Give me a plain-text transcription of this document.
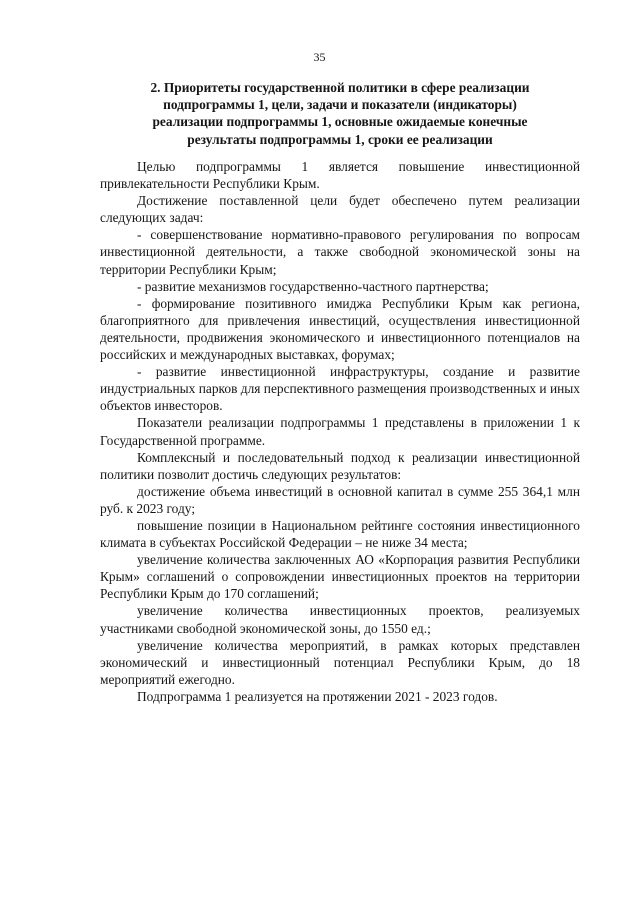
35
2. Приоритеты государственной политики в сфере реализации
подпрограммы 1, цели, задачи и показатели (индикаторы)
реализации подпрограммы 1, основные ожидаемые конечные
результаты подпрограммы 1, сроки ее реализации

Целью подпрограммы 1 является повышение инвестиционной привлекательности Республики Крым.

Достижение поставленной цели будет обеспечено путем реализации следующих задач:

- совершенствование нормативно-правового регулирования по вопросам инвестиционной деятельности, а также свободной экономической зоны на территории Республики Крым;

- развитие механизмов государственно-частного партнерства;

- формирование позитивного имиджа Республики Крым как региона, благоприятного для привлечения инвестиций, осуществления инвестиционной деятельности, продвижения экономического и инвестиционного потенциалов на российских и международных выставках, форумах;

- развитие инвестиционной инфраструктуры, создание и развитие индустриальных парков для перспективного размещения производственных и иных объектов инвесторов.

Показатели реализации подпрограммы 1 представлены в приложении 1 к Государственной программе.

Комплексный и последовательный подход к реализации инвестиционной политики позволит достичь следующих результатов:

достижение объема инвестиций в основной капитал в сумме 255 364,1 млн руб. к 2023 году;

повышение позиции в Национальном рейтинге состояния инвестиционного климата в субъектах Российской Федерации – не ниже 34 места;

увеличение количества заключенных АО «Корпорация развития Республики Крым» соглашений о сопровождении инвестиционных проектов на территории Республики Крым до 170 соглашений;

увеличение количества инвестиционных проектов, реализуемых участниками свободной экономической зоны, до 1550 ед.;

увеличение количества мероприятий, в рамках которых представлен экономический и инвестиционный потенциал Республики Крым, до 18 мероприятий ежегодно.

Подпрограмма 1 реализуется на протяжении 2021 - 2023 годов.
